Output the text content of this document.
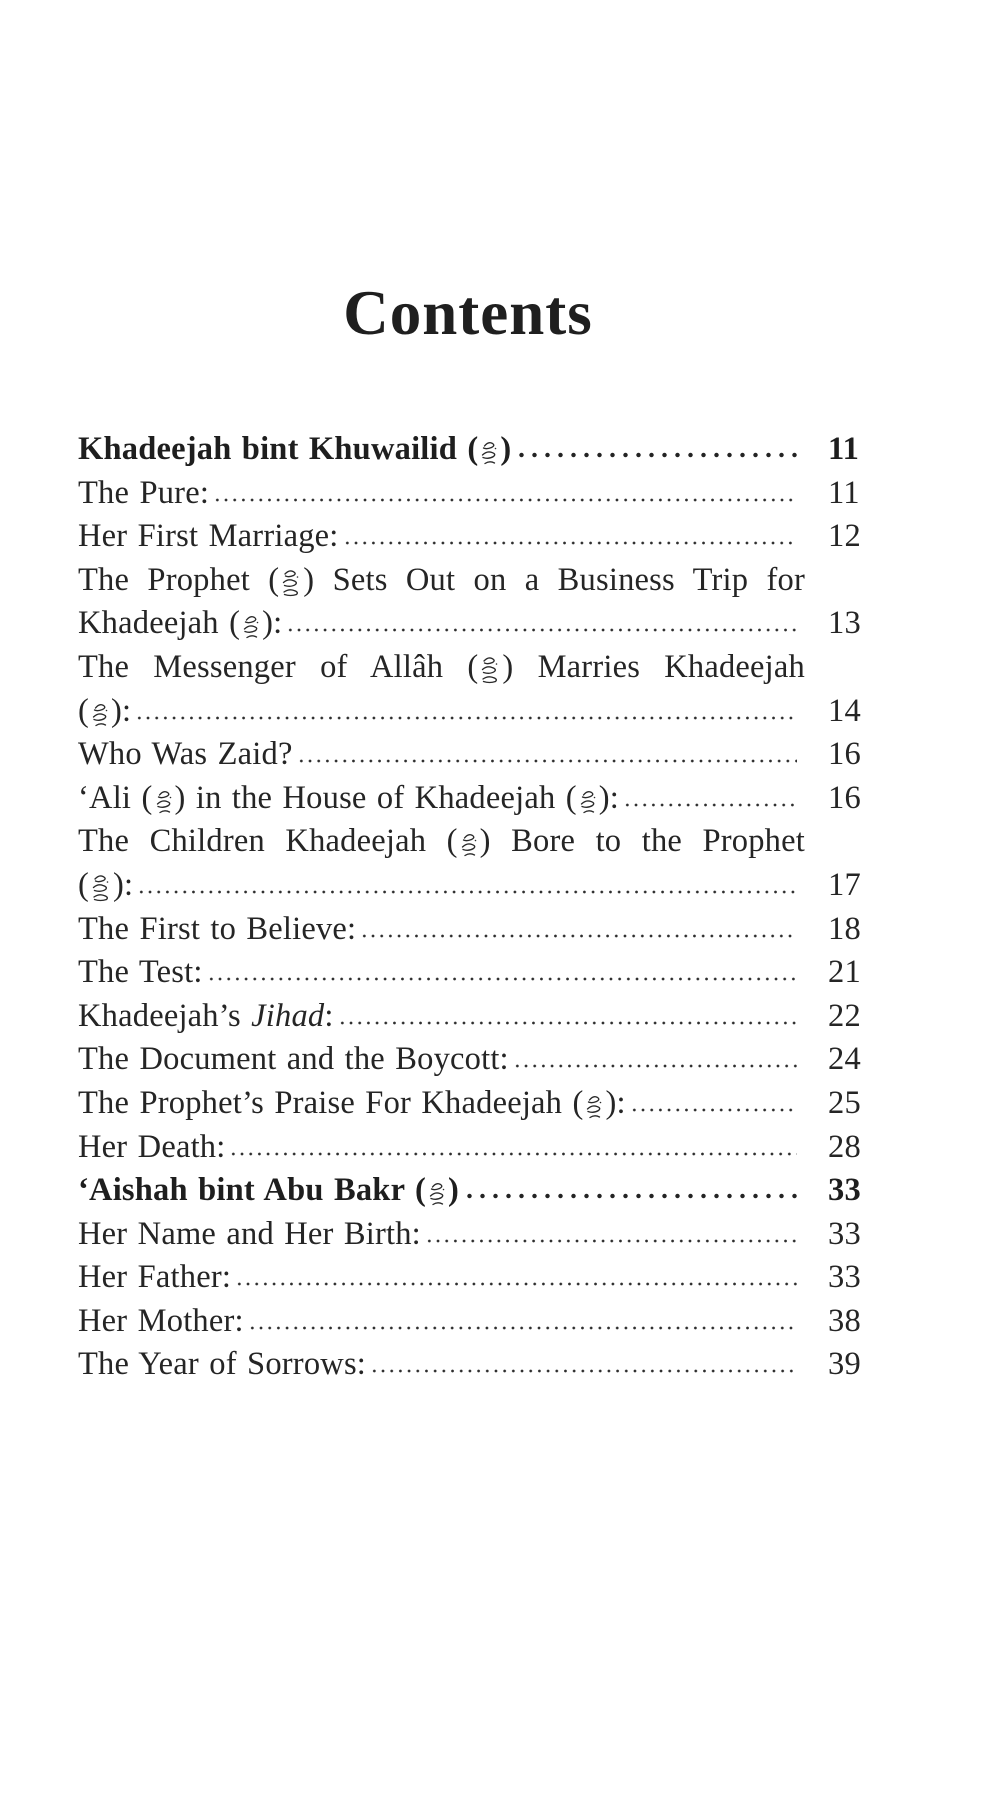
Contents
Khadeejah bint Khuwailid ( )	11
The Pure:	11
Her First Marriage:	12
The Prophet ( ) Sets Out on a Business Trip for
Khadeejah ( ):	13
The Messenger of Allâh ( ) Marries Khadeejah
( ):	14
Who Was Zaid?	16
‘Ali ( ) in the House of Khadeejah ( ):	16
The Children Khadeejah ( ) Bore to the Prophet
( ):	17
The First to Believe:	18
The Test:	21
Khadeejah’s Jihad:	22
The Document and the Boycott:	24
The Prophet’s Praise For Khadeejah ( ):	25
Her Death:	28
‘Aishah bint Abu Bakr ( )	33
Her Name and Her Birth:	33
Her Father:	33
Her Mother:	38
The Year of Sorrows:	39
